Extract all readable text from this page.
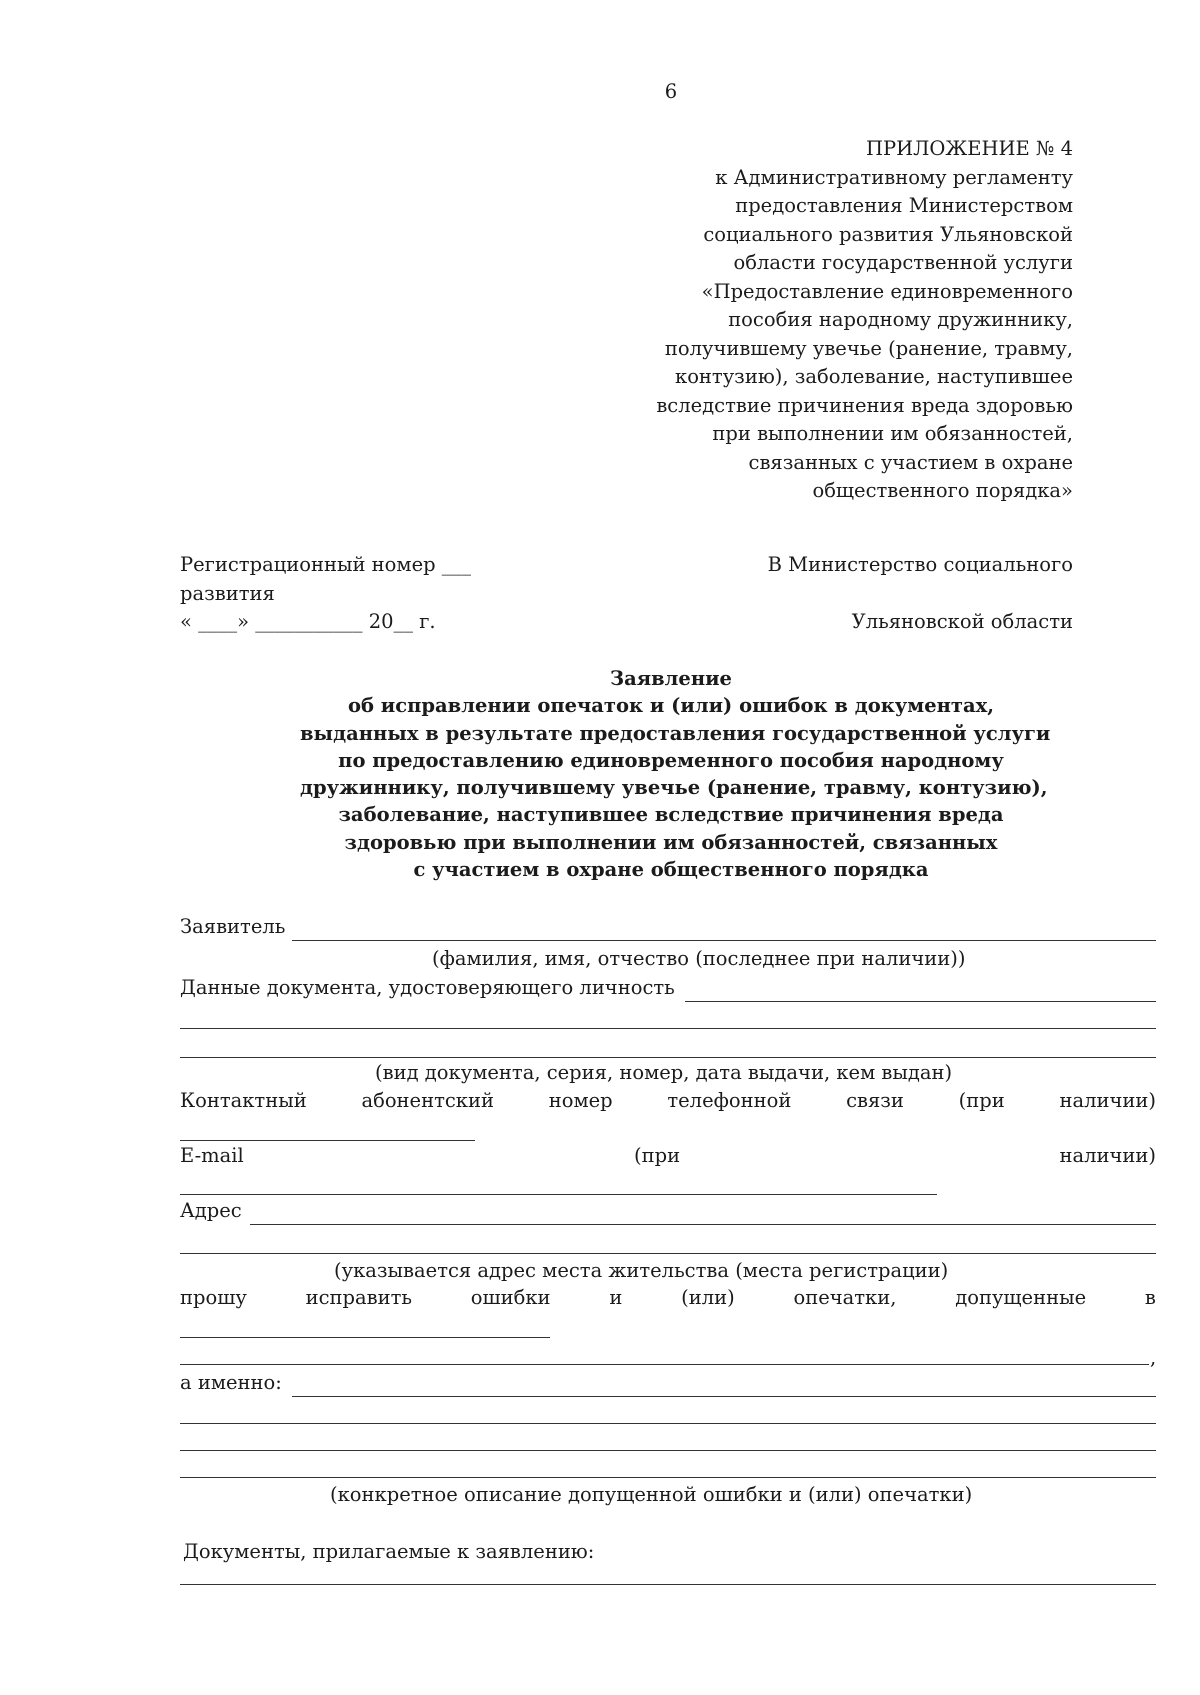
6
ПРИЛОЖЕНИЕ № 4
к Административному регламенту
предоставления Министерством
социального развития Ульяновской
области государственной услуги
«Предоставление единовременного
пособия народному дружиннику,
получившему увечье (ранение, травму,
контузию), заболевание, наступившее
вследствие причинения вреда здоровью
при выполнении им обязанностей,
связанных с участием в охране
общественного порядка»
Регистрационный номер ___
развития
« ____» ___________ 20__ г.
В Министерство социального
Ульяновской области
Заявление
об исправлении опечаток и (или) ошибок в документах,
выданных в результате предоставления государственной услуги
по предоставлению единовременного пособия народному
дружиннику, получившему увечье (ранение, травму, контузию),
заболевание, наступившее вследствие причинения вреда
здоровью при выполнении им обязанностей, связанных
с участием в охране общественного порядка
Заявитель
(фамилия, имя, отчество (последнее при наличии))
Данные документа, удостоверяющего личность
(вид документа, серия, номер, дата выдачи, кем выдан)
Контактный	абонентский	номер	телефонной	связи	(при	наличии)
E-mail	(при	наличии)
Адрес
(указывается адрес места жительства (места регистрации)
прошу	исправить	ошибки	и	(или)	опечатки,	допущенные	в
,
а именно:
(конкретное описание допущенной ошибки и (или) опечатки)
Документы, прилагаемые к заявлению:
